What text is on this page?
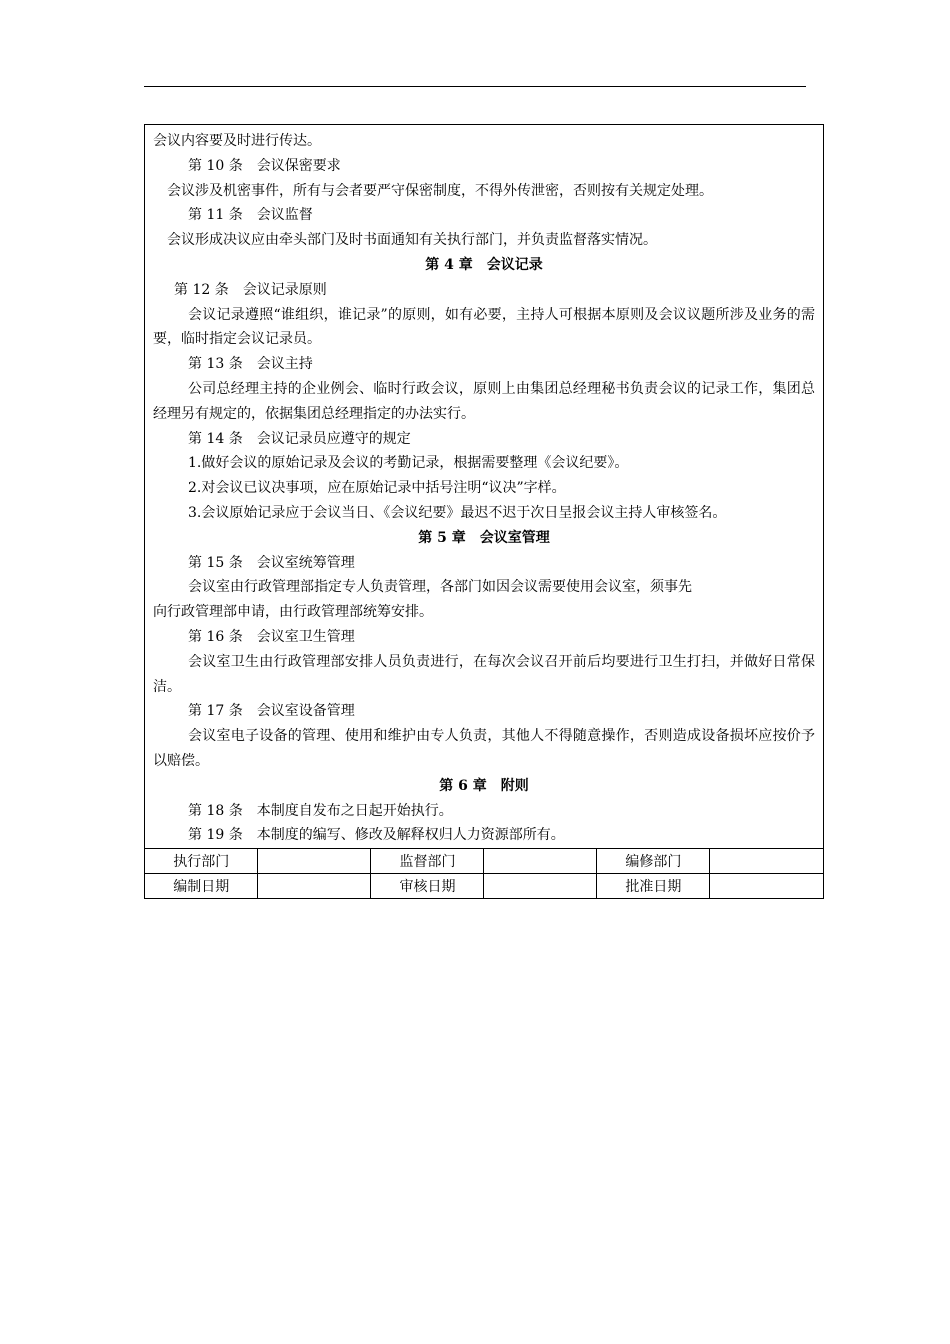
会议内容要及时进行传达。

第 10 条　会议保密要求

会议涉及机密事件，所有与会者要严守保密制度，不得外传泄密，否则按有关规定处理。

第 11 条　会议监督

会议形成决议应由牵头部门及时书面通知有关执行部门，并负责监督落实情况。

第 4 章　会议记录

第 12 条　会议记录原则

会议记录遵照“谁组织，谁记录”的原则，如有必要，主持人可根据本原则及会议议题所涉及业务的需要，临时指定会议记录员。

第 13 条　会议主持

公司总经理主持的企业例会、临时行政会议，原则上由集团总经理秘书负责会议的记录工作，集团总经理另有规定的，依据集团总经理指定的办法实行。

第 14 条　会议记录员应遵守的规定

1.做好会议的原始记录及会议的考勤记录，根据需要整理《会议纪要》。

2.对会议已议决事项，应在原始记录中括号注明“议决”字样。

3.会议原始记录应于会议当日、《会议纪要》最迟不迟于次日呈报会议主持人审核签名。

第 5 章　会议室管理

第 15 条　会议室统筹管理

会议室由行政管理部指定专人负责管理，各部门如因会议需要使用会议室，须事先

向行政管理部申请，由行政管理部统筹安排。

第 16 条　会议室卫生管理

会议室卫生由行政管理部安排人员负责进行，在每次会议召开前后均要进行卫生打扫，并做好日常保洁。

第 17 条　会议室设备管理

会议室电子设备的管理、使用和维护由专人负责，其他人不得随意操作，否则造成设备损坏应按价予以赔偿。

第 6 章　附则

第 18 条　本制度自发布之日起开始执行。

第 19 条　本制度的编写、修改及解释权归人力资源部所有。

执行部门		监督部门		编修部门	
编制日期		审核日期		批准日期	
